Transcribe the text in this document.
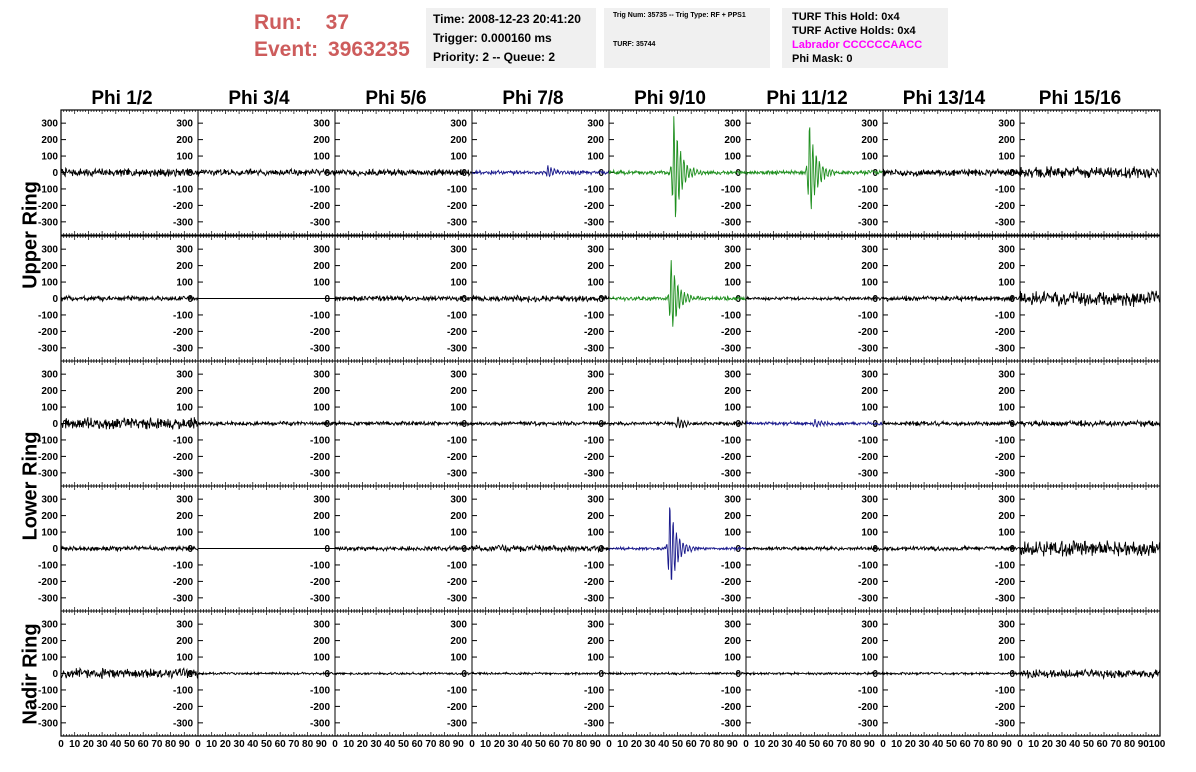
Run: 37
Event: 3963235
Time: 2008-12-23 20:41:20
Trigger: 0.000160 ms
Priority: 2 -- Queue: 2
Trig Num: 35735 -- Trig Type: RF + PPS1
TURF: 35744
TURF This Hold: 0x4
TURF Active Holds: 0x4
Labrador CCCCCCAACC
Phi Mask: 0
Phi 1/2	Phi 3/4	Phi 5/6	Phi 7/8	Phi 9/10	Phi 11/12	Phi 13/14	Phi 15/16
Upper Ring
Lower Ring
Nadir Ring
-300
-300
-200
-200
-100
-100
0
0
100
100
200
200
300
300
-300
-200
-100
0
100
200
300
-300
-200
-100
0
100
200
300
-300
-200
-100
0
100
200
300
-300
-200
-100
0
100
200
300
-300
-200
-100
0
100
200
300
-300
-200
-100
0
100
200
300
-300
-300
-200
-200
-100
-100
0
0
100
100
200
200
300
300
-300
-200
-100
0
100
200
300
-300
-200
-100
0
100
200
300
-300
-200
-100
0
100
200
300
-300
-200
-100
0
100
200
300
-300
-200
-100
0
100
200
300
-300
-200
-100
0
100
200
300
-300
-300
-200
-200
-100
-100
0
0
100
100
200
200
300
300
-300
-200
-100
0
100
200
300
-300
-200
-100
0
100
200
300
-300
-200
-100
0
100
200
300
-300
-200
-100
0
100
200
300
-300
-200
-100
0
100
200
300
-300
-200
-100
0
100
200
300
-300
-300
-200
-200
-100
-100
0
0
100
100
200
200
300
300
-300
-200
-100
0
100
200
300
-300
-200
-100
0
100
200
300
-300
-200
-100
0
100
200
300
-300
-200
-100
0
100
200
300
-300
-200
-100
0
100
200
300
-300
-200
-100
0
100
200
300
-300
-300
-200
-200
-100
-100
0
0
100
100
200
200
300
300
-300
-200
-100
0
100
200
300
-300
-200
-100
0
100
200
300
-300
-200
-100
0
100
200
300
-300
-200
-100
0
100
200
300
-300
-200
-100
0
100
200
300
-300
-200
-100
0
100
200
300
0 10 20 30 40 50 60 70 80 90 0 10 20 30 40 50 60 70 80 90 0 10 20 30 40 50 60 70 80 90 0 10 20 30 40 50 60 70 80 90 0 10 20 30 40 50 60 70 80 90 0 10 20 30 40 50 60 70 80 90 0 10 20 30 40 50 60 70 80 90 0 10 20 30 40 50 60 70 80 90 100
